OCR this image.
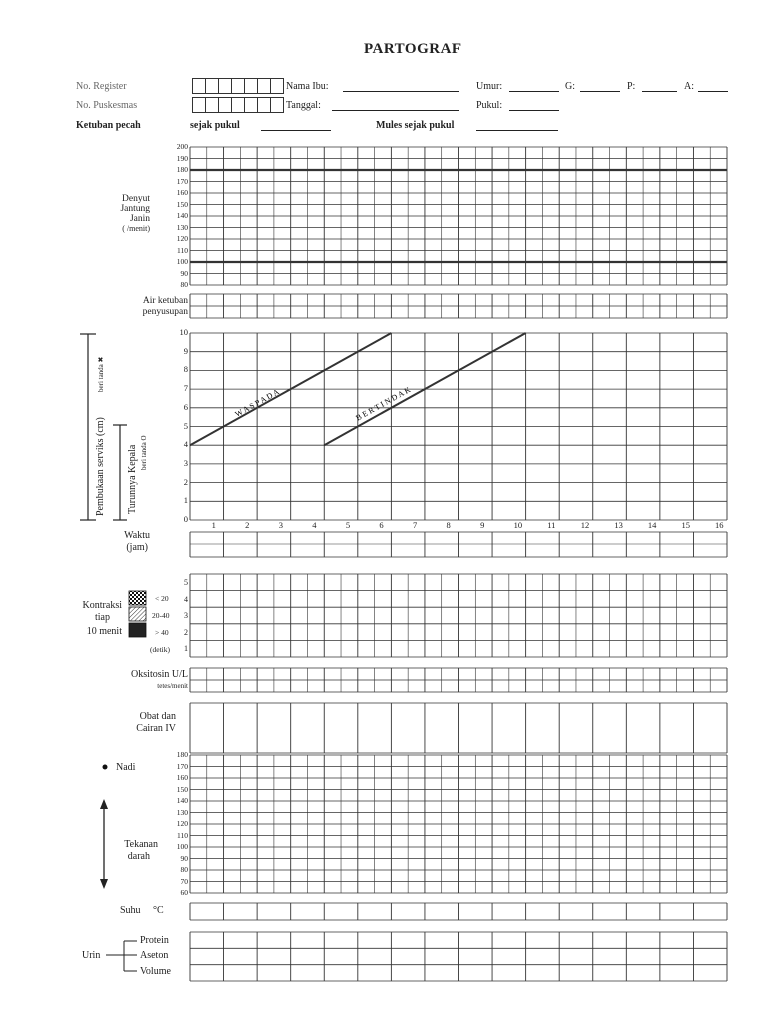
PARTOGRAF
No. Register
No. Puskesmas
Ketuban pecah
Nama Ibu:
Tanggal:
sejak pukul	Mules sejak pukul
Umur:	G:	P:	A:
Pukul:
W A S P A D A	B E R T I N D A K
Denyut
Jantung
Janin
( /menit)
Air ketuban
penyusupan
Pembukaan serviks (cm)
beri tanda ✖
Turunnya Kepala beri tanda O
Waktu
(jam)
Kontraksi
tiap
10 menit
< 20
20-40
> 40
(detik)
Oksitosin U/L
tetes/menit
Obat dan
Cairan IV
Nadi
Tekanan
darah
Suhu     °C
Urin
Protein
Aseton
Volume
200
190
180
170
160
150
140
130
120
110
100
90
80
10
9
8
7
6
5
4
3
2
1
0
1	2	3	4	5	6	7	8	9	10	11	12	13	14	15	16
5
4
3
2
1
180
170
160
150
140
130
120
110
100
90
80
70
60
